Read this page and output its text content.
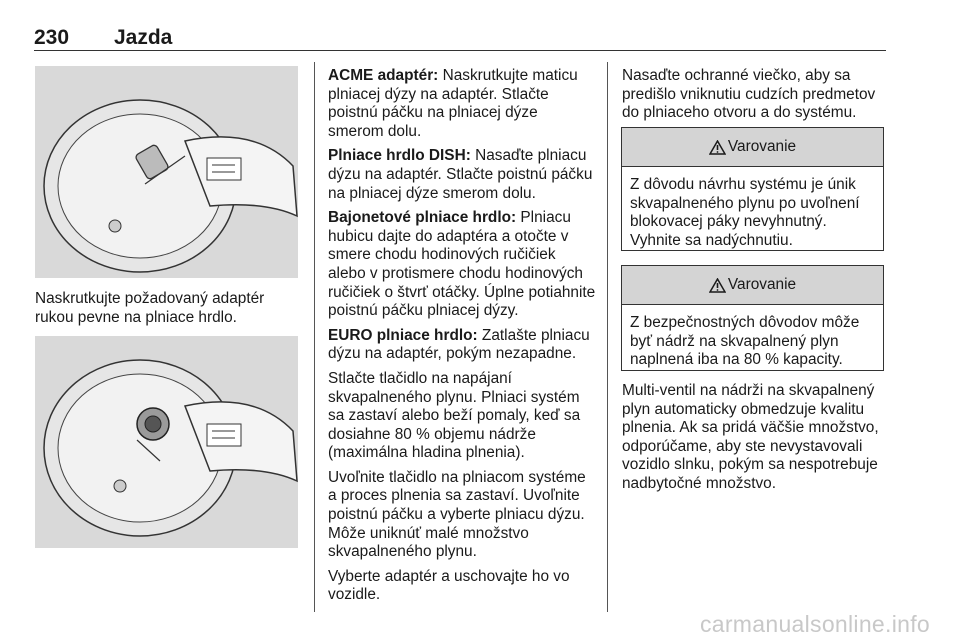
230 Jazda
Naskrutkujte požadovaný adaptér rukou pevne na plniace hrdlo.

ACME adaptér: Naskrutkujte maticu plniacej dýzy na adaptér. Stlačte poistnú páčku na plniacej dýze smerom dolu.

Plniace hrdlo DISH: Nasaďte plniacu dýzu na adaptér. Stlačte poistnú páčku na plniacej dýze smerom dolu.

Bajonetové plniace hrdlo: Plniacu hubicu dajte do adaptéra a otočte v smere chodu hodinových ručičiek alebo v protismere chodu hodinových ručičiek o štvrť otáčky. Úplne potiahnite poistnú páčku plniacej dýzy.

EURO plniace hrdlo: Zatlašte plniacu dýzu na adaptér, pokým nezapadne.

Stlačte tlačidlo na napájaní skvapalneného plynu. Plniaci systém sa zastaví alebo beží pomaly, keď sa dosiahne 80 % objemu nádrže (maximálna hladina plnenia).

Uvoľnite tlačidlo na plniacom systéme a proces plnenia sa zastaví. Uvoľnite poistnú páčku a vyberte plniacu dýzu. Môže uniknúť malé množstvo skvapalneného plynu.

Vyberte adaptér a uschovajte ho vo vozidle.

Nasaďte ochranné viečko, aby sa predišlo vniknutiu cudzích predmetov do plniaceho otvoru a do systému.
Varovanie
Z dôvodu návrhu systému je únik skvapalneného plynu po uvoľnení blokovacej páky nevyhnutný. Vyhnite sa nadýchnutiu.
Varovanie
Z bezpečnostných dôvodov môže byť nádrž na skvapalnený plyn naplnená iba na 80 % kapacity.
Multi-ventil na nádrži na skvapalnený plyn automaticky obmedzuje kvalitu plnenia. Ak sa pridá väčšie množstvo, odporúčame, aby ste nevystavovali vozidlo slnku, pokým sa nespotrebuje nadbytočné množstvo.
carmanualsonline.info
